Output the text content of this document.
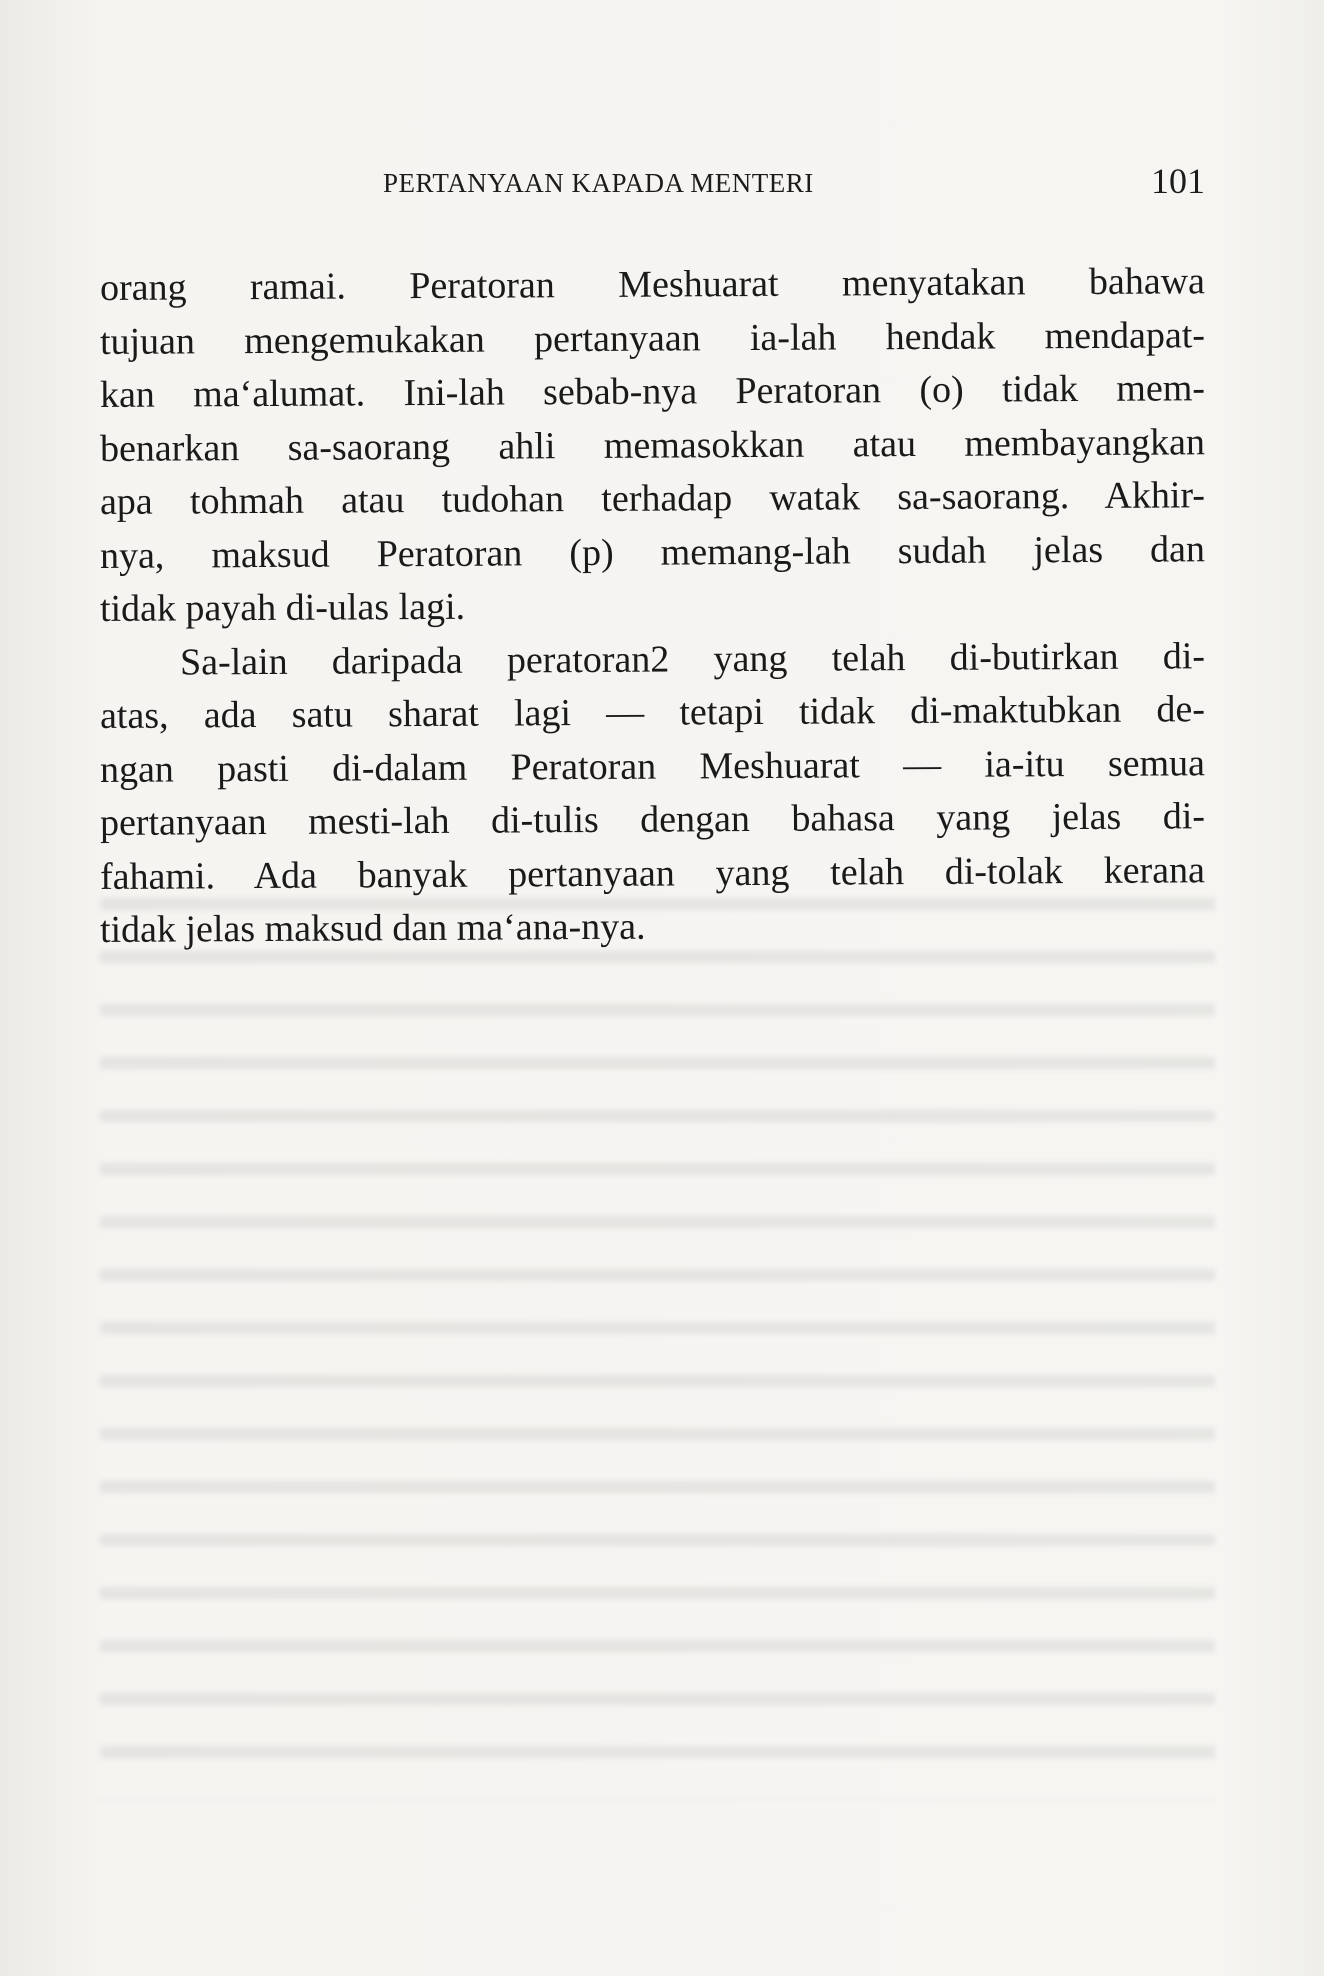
PERTANYAAN KAPADA MENTERI	101
orang ramai. Peratoran Meshuarat menyatakan bahawa
tujuan mengemukakan pertanyaan ia-lah hendak mendapat-
kan ma‘alumat. Ini-lah sebab-nya Peratoran (o) tidak mem-
benarkan sa-saorang ahli memasokkan atau membayangkan
apa tohmah atau tudohan terhadap watak sa-saorang. Akhir-
nya, maksud Peratoran (p) memang-lah sudah jelas dan
tidak payah di-ulas lagi.
Sa-lain daripada peratoran2 yang telah di-butirkan di-
atas, ada satu sharat lagi — tetapi tidak di-maktubkan de-
ngan pasti di-dalam Peratoran Meshuarat — ia-itu semua
pertanyaan mesti-lah di-tulis dengan bahasa yang jelas di-
fahami. Ada banyak pertanyaan yang telah di-tolak kerana
tidak jelas maksud dan ma‘ana-nya.
